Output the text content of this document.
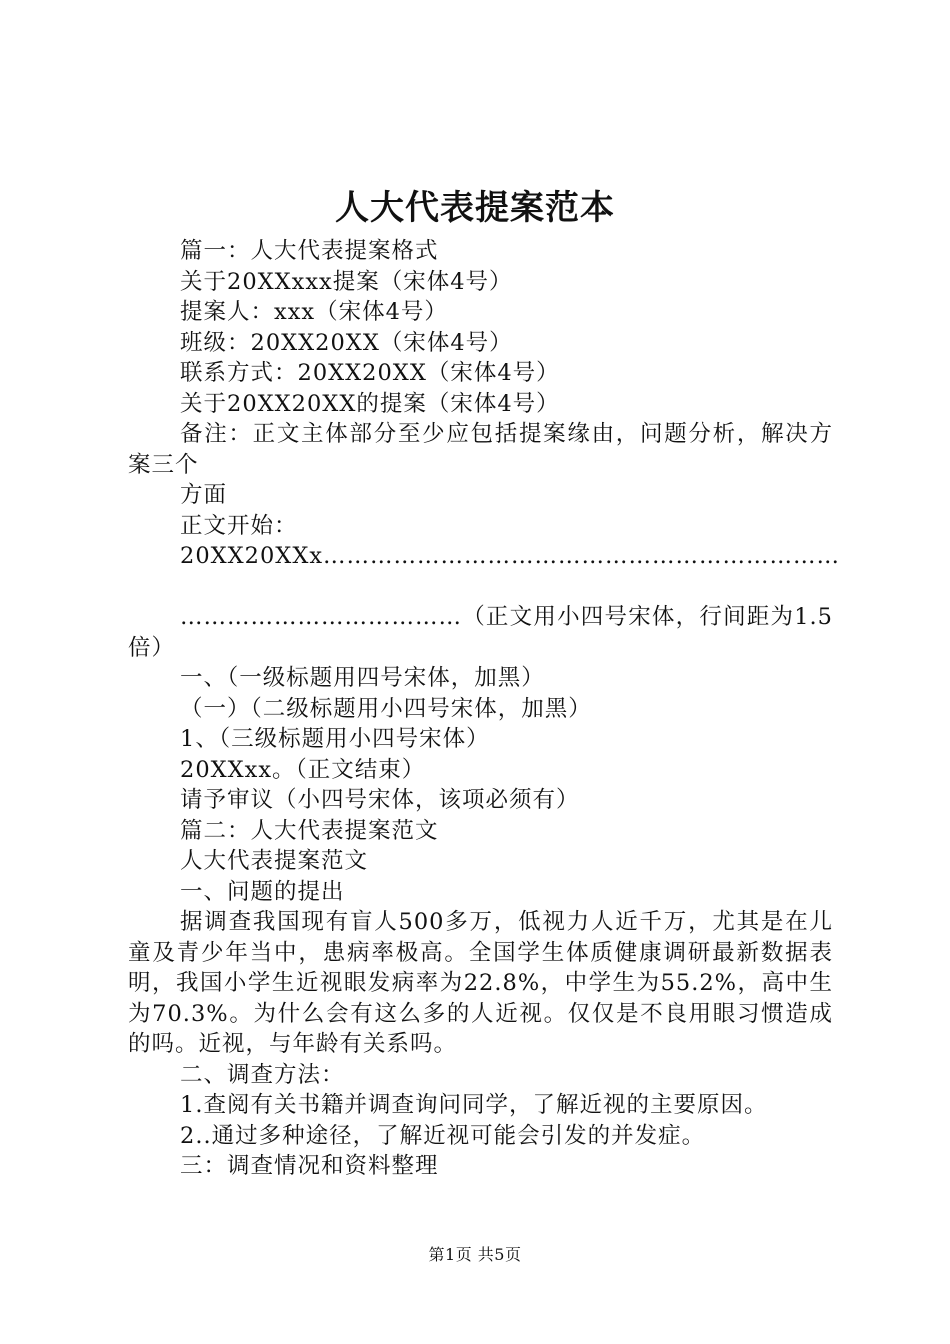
人大代表提案范本

篇一：人大代表提案格式

关于20XXxxx提案（宋体4号）

提案人：xxx（宋体4号）

班级：20XX20XX（宋体4号）

联系方式：20XX20XX（宋体4号）

关于20XX20XX的提案（宋体4号）

备注：正文主体部分至少应包括提案缘由，问题分析，解决方案三个

方面

正文开始：

20XX20XXx…………………………………………………………

………………………………（正文用小四号宋体，行间距为1.5倍）

一、（一级标题用四号宋体，加黑）

（一）（二级标题用小四号宋体，加黑）

1、（三级标题用小四号宋体）

20XXxx。（正文结束）

请予审议（小四号宋体，该项必须有）

篇二：人大代表提案范文

人大代表提案范文

一、问题的提出

据调查我国现有盲人500多万，低视力人近千万，尤其是在儿童及青少年当中，患病率极高。全国学生体质健康调研最新数据表明，我国小学生近视眼发病率为22.8%，中学生为55.2%，高中生为70.3%。为什么会有这么多的人近视。仅仅是不良用眼习惯造成的吗。近视，与年龄有关系吗。

二、调查方法：

1.查阅有关书籍并调查询问同学，了解近视的主要原因。

2..通过多种途径，了解近视可能会引发的并发症。

三：调查情况和资料整理

第1页 共5页
